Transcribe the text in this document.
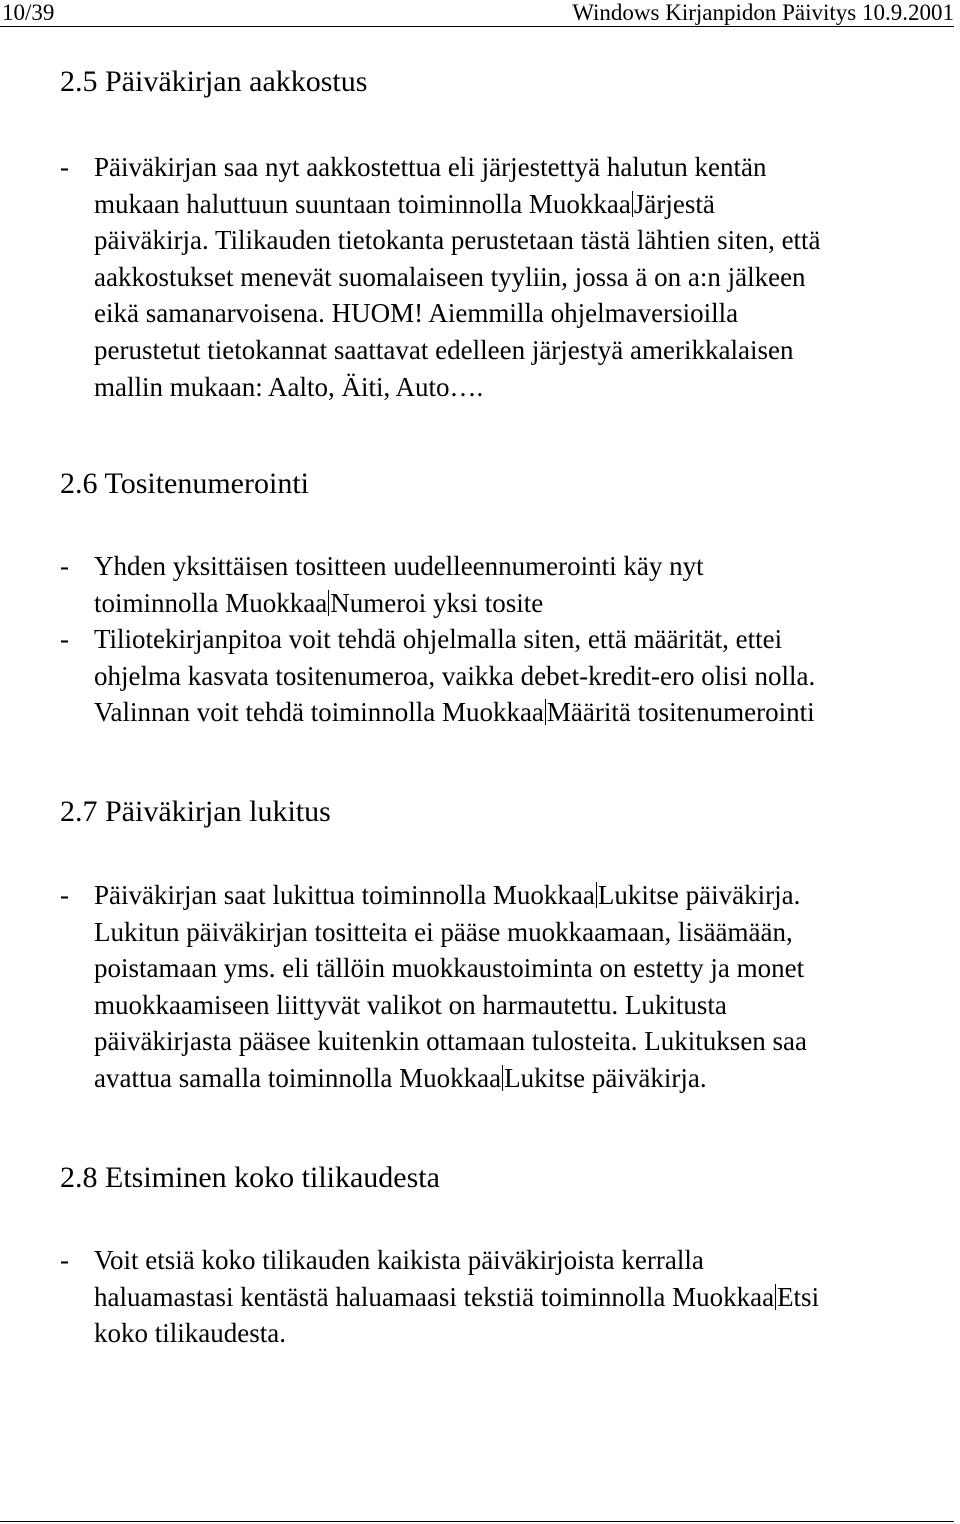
10/39	Windows Kirjanpidon Päivitys 10.9.2001
2.5 Päiväkirjan aakkostus
- Päiväkirjan saa nyt aakkostettua eli järjestettyä halutun kentän
mukaan haluttuun suuntaan toiminnolla Muokkaa Järjestä
päiväkirja. Tilikauden tietokanta perustetaan tästä lähtien siten, että
aakkostukset menevät suomalaiseen tyyliin, jossa ä on a:n jälkeen
eikä samanarvoisena. HUOM! Aiemmilla ohjelmaversioilla
perustetut tietokannat saattavat edelleen järjestyä amerikkalaisen
mallin mukaan: Aalto, Äiti, Auto….
2.6 Tositenumerointi
- Yhden yksittäisen tositteen uudelleennumerointi käy nyt
toiminnolla Muokkaa Numeroi yksi tosite
- Tiliotekirjanpitoa voit tehdä ohjelmalla siten, että määrität, ettei
ohjelma kasvata tositenumeroa, vaikka debet-kredit-ero olisi nolla.
Valinnan voit tehdä toiminnolla Muokkaa Määritä tositenumerointi
2.7 Päiväkirjan lukitus
- Päiväkirjan saat lukittua toiminnolla Muokkaa Lukitse päiväkirja.
Lukitun päiväkirjan tositteita ei pääse muokkaamaan, lisäämään,
poistamaan yms. eli tällöin muokkaustoiminta on estetty ja monet
muokkaamiseen liittyvät valikot on harmautettu. Lukitusta
päiväkirjasta pääsee kuitenkin ottamaan tulosteita. Lukituksen saa
avattua samalla toiminnolla Muokkaa Lukitse päiväkirja.
2.8 Etsiminen koko tilikaudesta
- Voit etsiä koko tilikauden kaikista päiväkirjoista kerralla
haluamastasi kentästä haluamaasi tekstiä toiminnolla Muokkaa Etsi
koko tilikaudesta.
